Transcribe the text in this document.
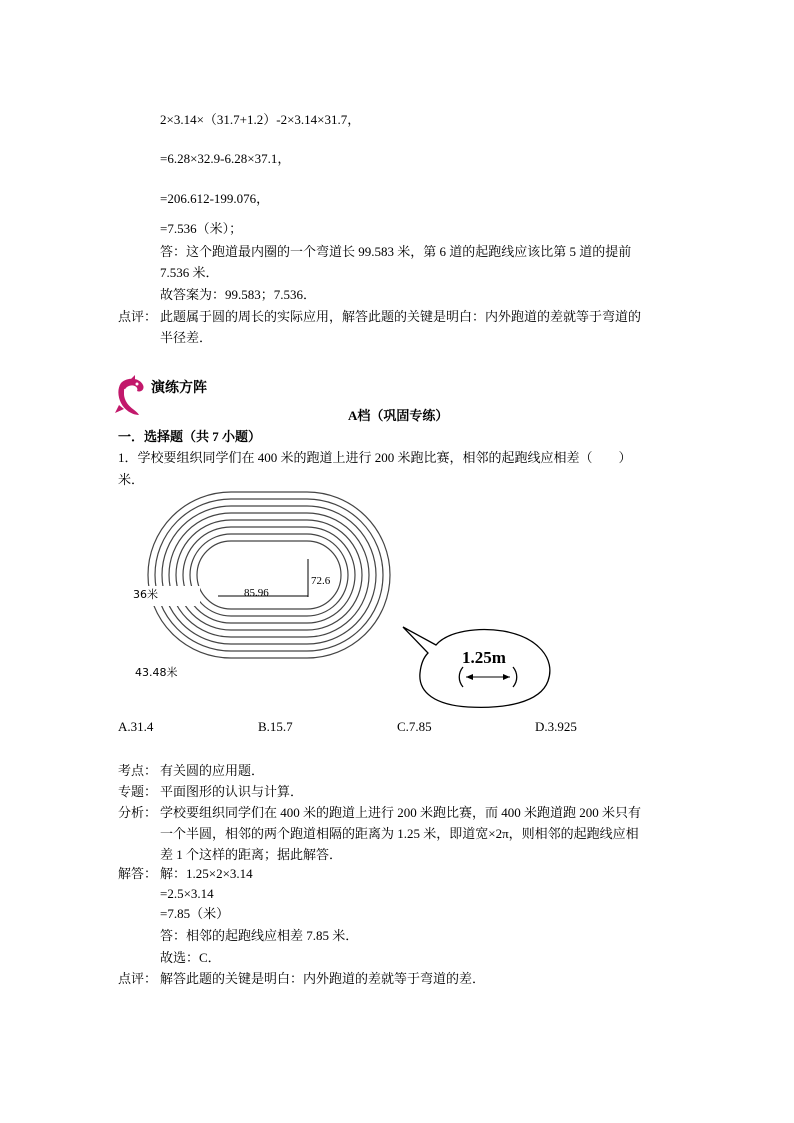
2×3.14×（31.7+1.2）-2×3.14×31.7，
=6.28×32.9-6.28×37.1，
=206.612-199.076，
=7.536（米）；
答：这个跑道最内圈的一个弯道长 99.583 米，第 6 道的起跑线应该比第 5 道的提前
7.536 米．
故答案为：99.583；7.536．
点评： 此题属于圆的周长的实际应用，解答此题的关键是明白：内外跑道的差就等于弯道的
半径差．
演练方阵
A档（巩固专练）
一．选择题（共 7 小题）
1．学校要组织同学们在 400 米的跑道上进行 200 米跑比赛，相邻的起跑线应相差（　　）
米．
72.6
85.96
36米
43.48米
1.25m
A.31.4	B.15.7	C.7.85	D.3.925
考点： 有关圆的应用题．
专题： 平面图形的认识与计算．
分析： 学校要组织同学们在 400 米的跑道上进行 200 米跑比赛，而 400 米跑道跑 200 米只有
一个半圆，相邻的两个跑道相隔的距离为 1.25 米，即道宽×2π，则相邻的起跑线应相
差 1 个这样的距离；据此解答．
解答： 解：1.25×2×3.14
=2.5×3.14
=7.85（米）
答：相邻的起跑线应相差 7.85 米．
故选：C．
点评： 解答此题的关键是明白：内外跑道的差就等于弯道的差．
